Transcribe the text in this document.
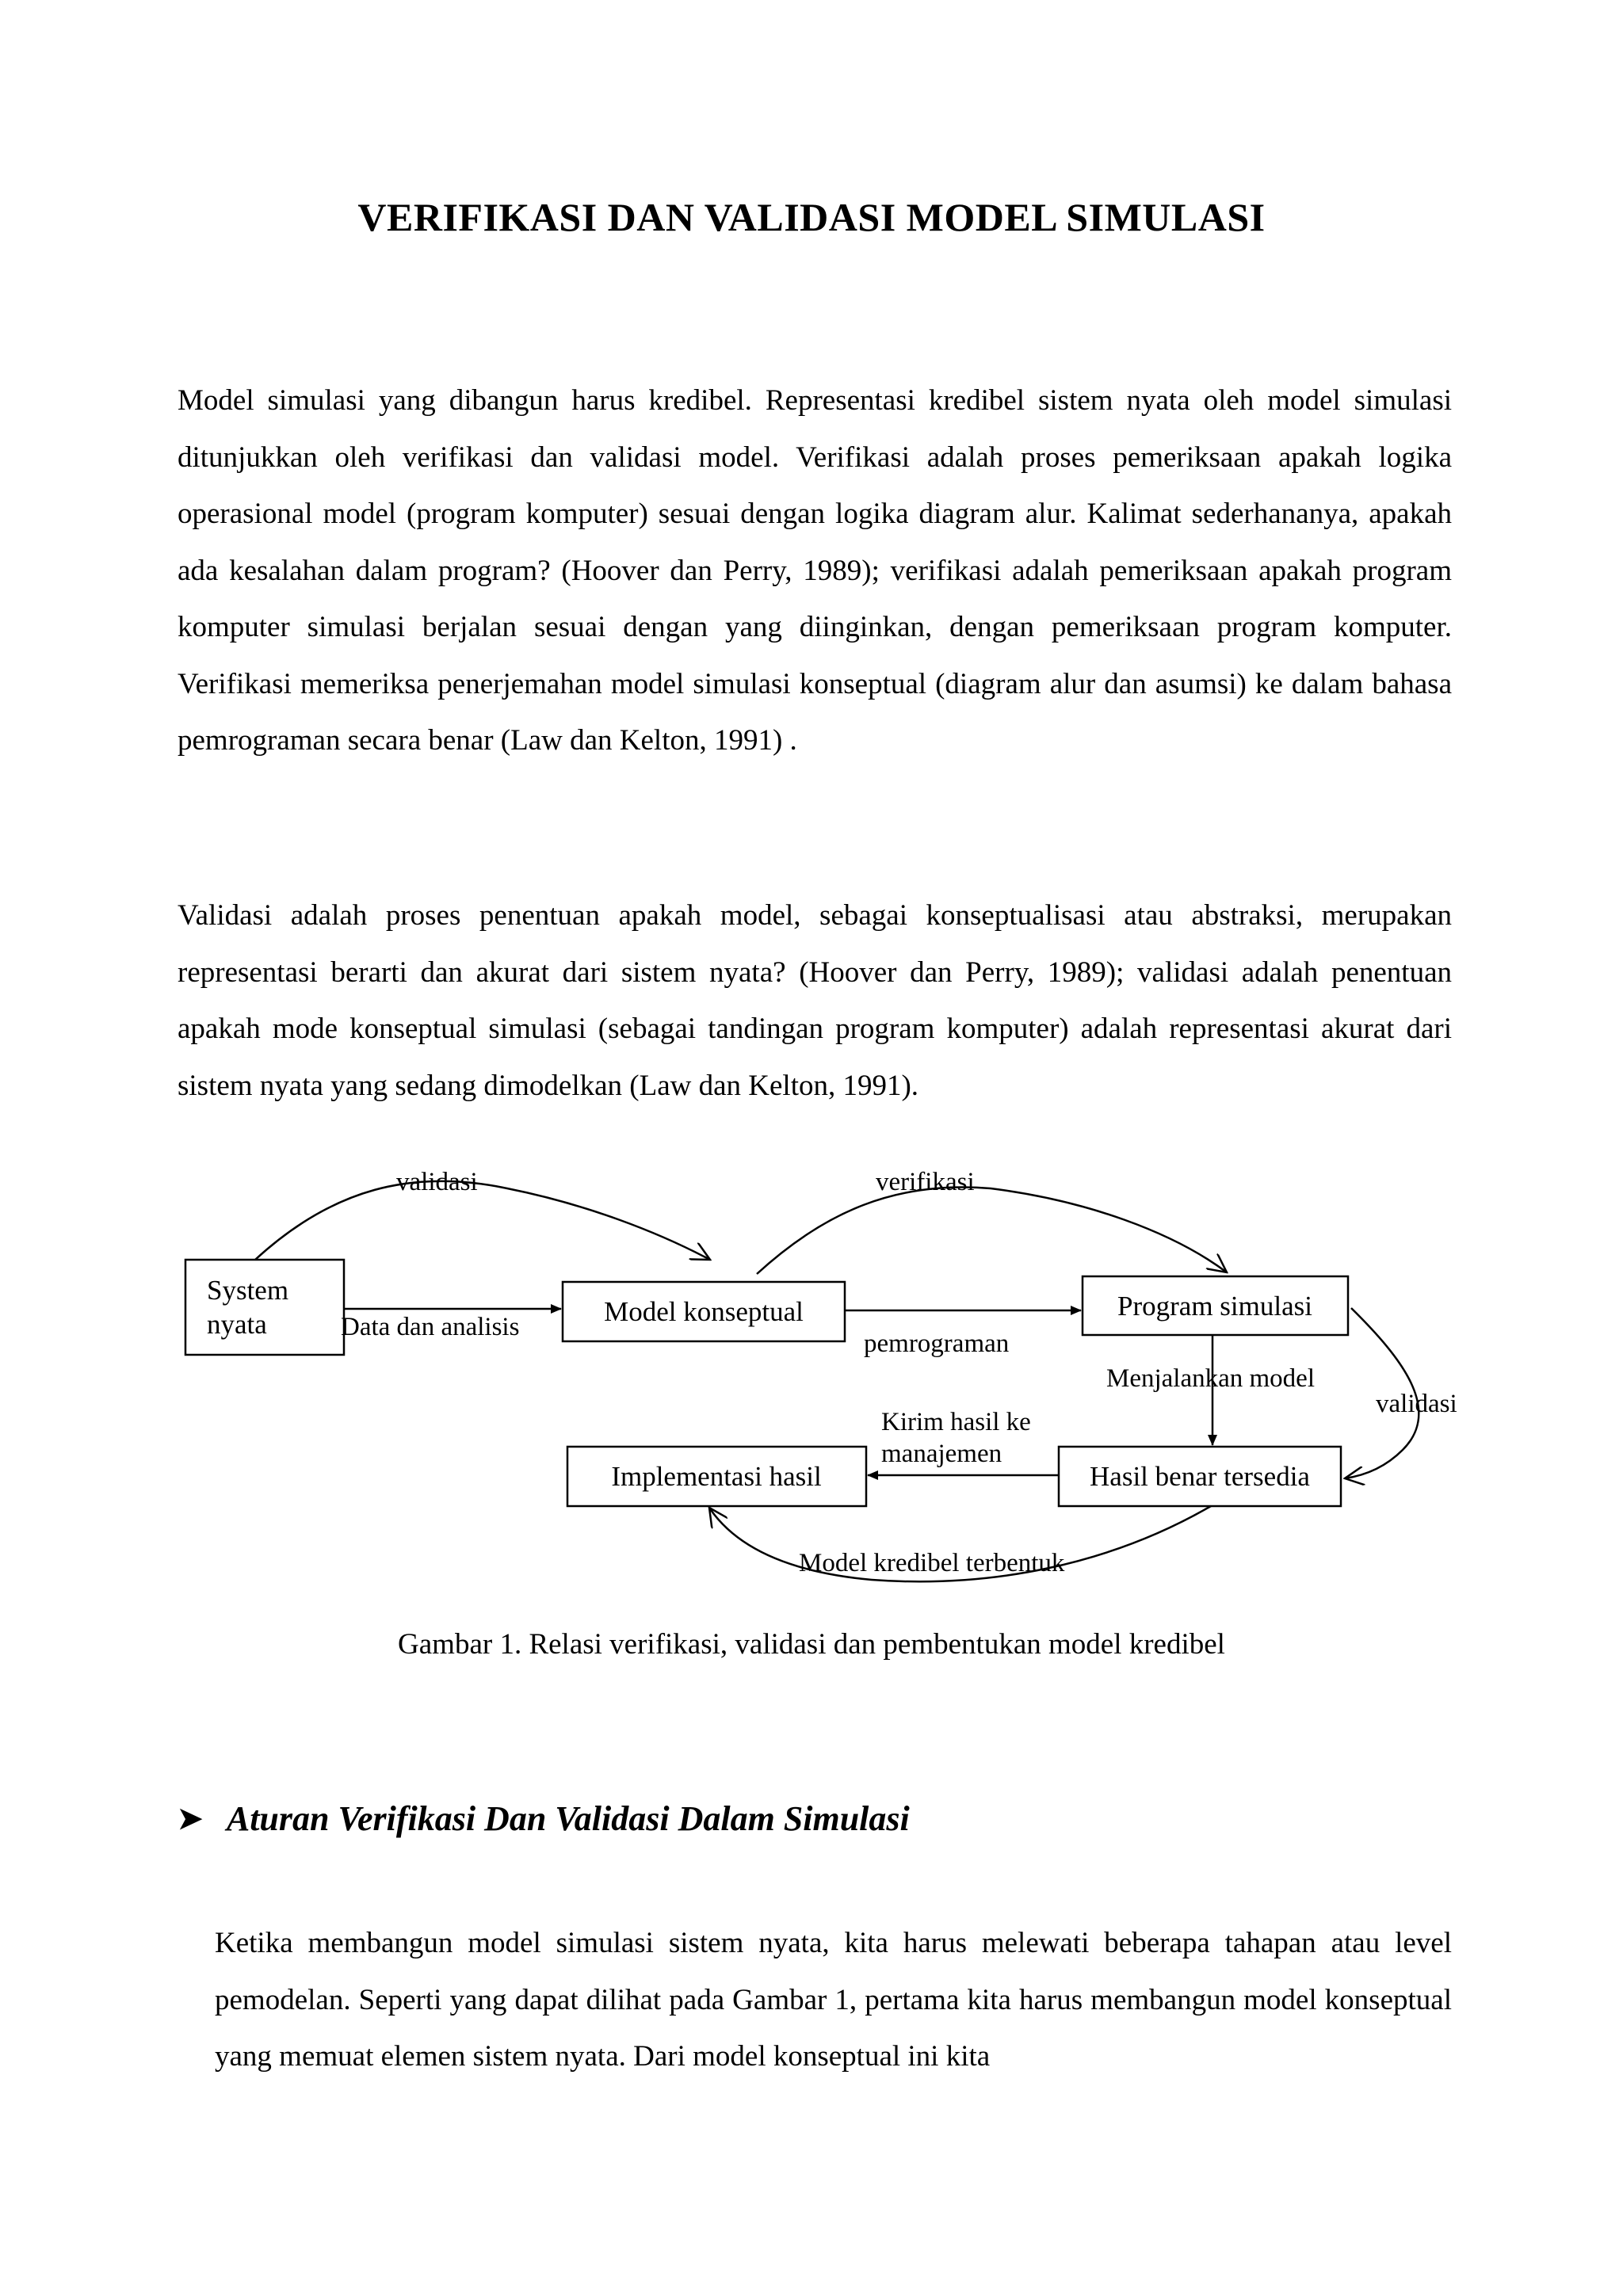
VERIFIKASI DAN VALIDASI MODEL SIMULASI

Model simulasi yang dibangun harus kredibel. Representasi kredibel sistem nyata oleh model simulasi ditunjukkan oleh verifikasi dan validasi model. Verifikasi adalah proses pemeriksaan apakah logika operasional model (program komputer) sesuai dengan logika diagram alur. Kalimat sederhananya, apakah ada kesalahan dalam program? (Hoover dan Perry, 1989); verifikasi adalah pemeriksaan apakah program komputer simulasi berjalan sesuai dengan yang diinginkan, dengan pemeriksaan program komputer. Verifikasi memeriksa penerjemahan model simulasi konseptual (diagram alur dan asumsi) ke dalam bahasa pemrograman secara benar (Law dan Kelton, 1991) .

Validasi adalah proses penentuan apakah model, sebagai konseptualisasi atau abstraksi, merupakan representasi berarti dan akurat dari sistem nyata? (Hoover dan Perry, 1989); validasi adalah penentuan apakah mode konseptual simulasi (sebagai tandingan program komputer) adalah representasi akurat dari sistem nyata yang sedang dimodelkan (Law dan Kelton, 1991).

System
nyata	Model konseptual	Program simulasi
Implementasi hasil	Hasil benar tersedia
validasi	verifikasi
Data dan analisis
pemrograman
Menjalankan model
validasi
Kirim hasil ke
manajemen
Model kredibel terbentuk
Gambar 1. Relasi verifikasi, validasi dan pembentukan model kredibel
➤ Aturan Verifikasi Dan Validasi Dalam Simulasi

Ketika membangun model simulasi sistem nyata, kita harus melewati beberapa tahapan atau level pemodelan. Seperti yang dapat dilihat pada Gambar 1, pertama kita harus membangun model konseptual yang memuat elemen sistem nyata. Dari model konseptual ini kita
